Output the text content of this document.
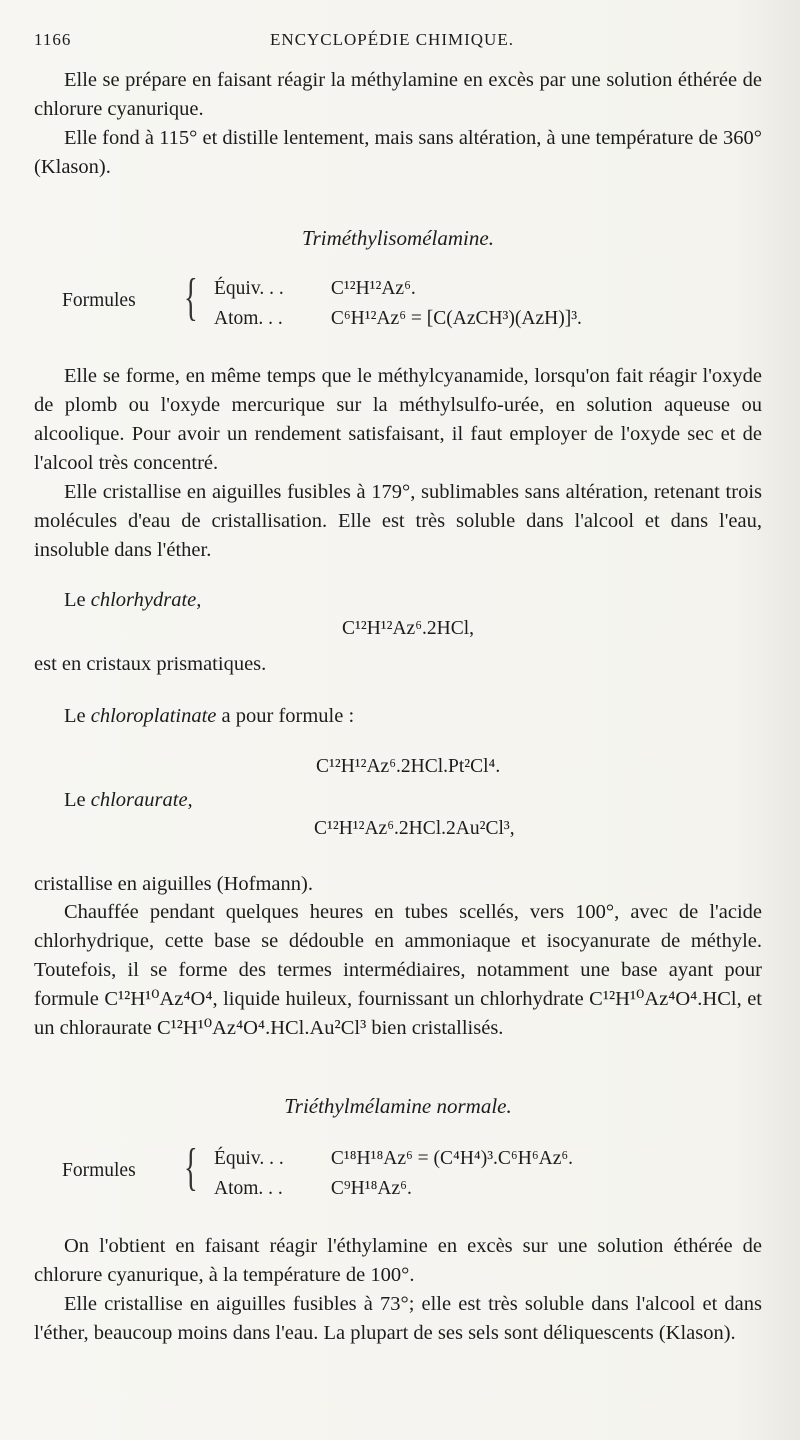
1166	ENCYCLOPÉDIE CHIMIQUE.
Elle se prépare en faisant réagir la méthylamine en excès par une solution éthérée de chlorure cyanurique.
Elle fond à 115° et distille lentement, mais sans altération, à une température de 360° (Klason).
Triméthylisomélamine.
Formules { Équiv. . . C¹²H¹²Az⁶.
Atom. . . C⁶H¹²Az⁶ = [C(AzCH³)(AzH)]³.
Elle se forme, en même temps que le méthylcyanamide, lorsqu'on fait réagir l'oxyde de plomb ou l'oxyde mercurique sur la méthylsulfo-urée, en solution aqueuse ou alcoolique. Pour avoir un rendement satisfaisant, il faut employer de l'oxyde sec et de l'alcool très concentré.
Elle cristallise en aiguilles fusibles à 179°, sublimables sans altération, retenant trois molécules d'eau de cristallisation. Elle est très soluble dans l'alcool et dans l'eau, insoluble dans l'éther.
Le chlorhydrate,
C¹²H¹²Az⁶.2HCl,
est en cristaux prismatiques.
Le chloroplatinate a pour formule :
C¹²H¹²Az⁶.2HCl.Pt²Cl⁴.
Le chloraurate,
C¹²H¹²Az⁶.2HCl.2Au²Cl³,
cristallise en aiguilles (Hofmann).
Chauffée pendant quelques heures en tubes scellés, vers 100°, avec de l'acide chlorhydrique, cette base se dédouble en ammoniaque et isocyanurate de méthyle. Toutefois, il se forme des termes intermédiaires, notamment une base ayant pour formule C¹²H¹⁰Az⁴O⁴, liquide huileux, fournissant un chlorhydrate C¹²H¹⁰Az⁴O⁴.HCl, et un chloraurate C¹²H¹⁰Az⁴O⁴.HCl.Au²Cl³ bien cristallisés.
Triéthylmélamine normale.
Formules { Équiv. . . C¹⁸H¹⁸Az⁶ = (C⁴H⁴)³.C⁶H⁶Az⁶.
Atom. . . C⁹H¹⁸Az⁶.
On l'obtient en faisant réagir l'éthylamine en excès sur une solution éthérée de chlorure cyanurique, à la température de 100°.
Elle cristallise en aiguilles fusibles à 73°; elle est très soluble dans l'alcool et dans l'éther, beaucoup moins dans l'eau. La plupart de ses sels sont déliquescents (Klason).
